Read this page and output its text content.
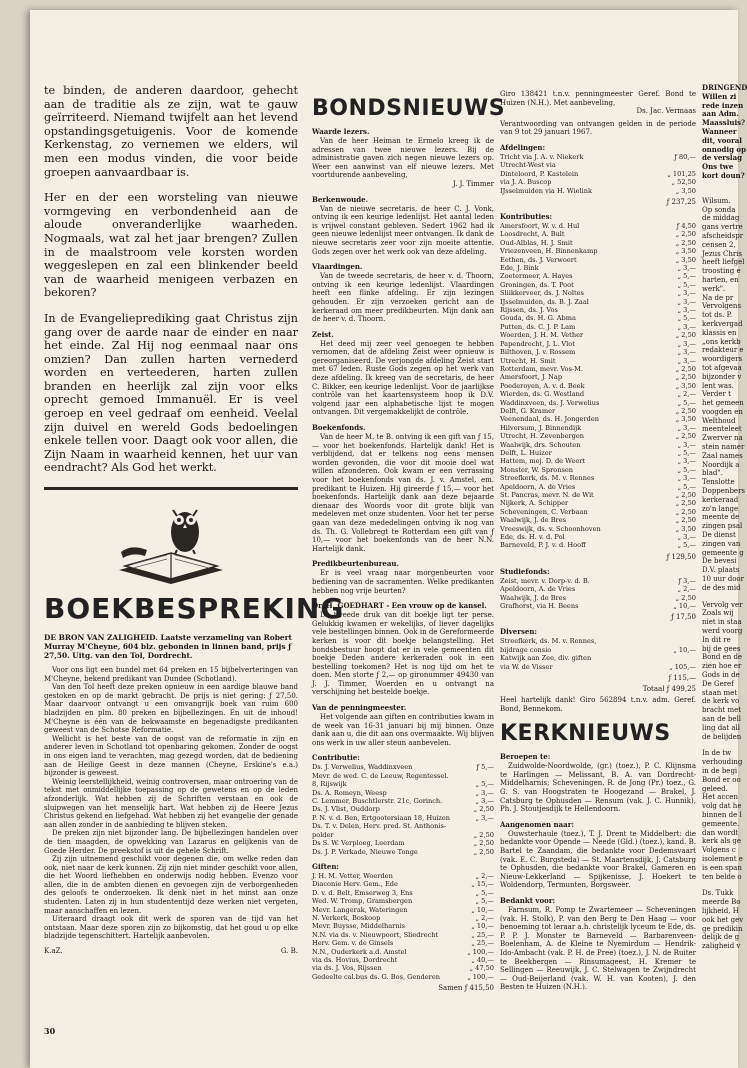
te binden, de anderen daardoor, gehecht aan de traditie als ze zijn, wat te gauw geïrriteerd. Niemand twijfelt aan het levend opstandingsgetuigenis. Voor de komende Kerkenstag, zo vernemen we elders, wil men een modus vinden, die voor beide groepen aanvaardbaar is.

Her en der een worsteling van nieuwe vormgeving en verbondenheid aan de aloude onveranderlijke waarheden. Nogmaals, wat zal het jaar brengen? Zullen in de maalstroom vele korsten worden weggeslepen en zal een blinkender beeld van de waarheid menigeen verbazen en bekoren?

In de Evangelieprediking gaat Christus zijn gang over de aarde naar de einder en naar het einde. Zal Hij nog eenmaal naar ons omzien? Dan zullen harten vernederd worden en verteederen, harten zullen branden en heerlijk zal zijn voor elks oprecht gemoed Immanuël. Er is veel geroep en veel gedraaf om eenheid. Veelal zijn duivel en wereld Gods bedoelingen enkele tellen voor. Daagt ook voor allen, die Zijn Naam in waarheid kennen, het uur van eendracht? Als God het werkt.

BOEKBESPREKING

DE BRON VAN ZALIGHEID. Laatste verzameling van Robert Murray M'Cheyne, 604 blz. gebonden in linnen band, prijs ƒ 27,50. Uitg. van den Tol, Dordrecht.

Voor ons ligt een bundel met 64 preken en 15 bijbelverteringen van M'Cheyne, bekend predikant van Dundee (Schotland).

Van den Tol heeft deze preken opnieuw in een aardige blauwe band gestoken en op de markt gebracht. De prijs is niet gering: ƒ 27,50. Maar daarvoor ontvangt u een omvangrijk boek van ruim 600 bladzijden en plm. 80 preken en bijbellezingen. En uit de inhoud! M'Cheyne is één van de bekwaamste en begenadigste predikanten geweest van de Schotse Reformatie.

Wellicht is het beste van de oogst van de reformatie in zijn en anderer leven in Schotland tot openbaring gekomen. Zonder de oogst in ons eigen land te verachten, mag gezegd worden, dat de bediening aan de Heilige Geest in deze mannen (Cheyne, Erskine's e.a.) bijzonder is geweest.

Weinig leerstellijkheid, weinig controversen, maar ontroering van de tekst met onmiddellijke toepassing op de gewetens en op de leden afzonderlijk. Wat hebben zij de Schriften verstaan en ook de sluipwegen van het menselijk hart. Wat hebben zij de Heere Jezus Christus gekend en liefgehad. Wat hebben zij het evangelie der genade aan allen zonder in de aanbieding te blijven steken.

De preken zijn niet bijzonder lang. De bijbellezingen handelen over de tien maagden, de opwekking van Lazarus en gelijkenis van de Goede Herder. De preekstof is uit de gehele Schrift.

Zij zijn uitnemend geschikt voor degenen die, om welke reden dan ook, niet naar de kerk kunnen. Zij zijn niet minder geschikt voor allen, die het Woord liefhebben en onderwijs nodig hebben. Evenzo voor allen, die in de ambten dienen en gevoegen zijn de verborgenheden des geloofs te onderzoeken. Ik denk niet in het minst aan onze studenten. Laten zij in hun studententijd deze werken niet vergeten, maar aanschaffen en lezen.

Uiteraard draagt ook dit werk de sporen van de tijd van het ontstaan. Maar deze sporen zijn zo bijkomstig, dat het goud u op elke bladzijde tegenschittert. Hartelijk aanbevolen.

K.aZ.	G. B.
BONDSNIEUWS
Waarde lezers.

Van de heer Heiman te Ermelo kreeg ik de adressen van twee nieuwe lezers. Bij de administratie gaven zich negen nieuwe lezers op. Weer een aanwinst van elf nieuwe lezers. Met voortdurende aanbeveling,

J. J. Timmer

Berkenwoude.

Van de nieuwe secretaris, de heer C. J. Vonk, ontving ik een keurige ledenlijst. Het aantal leden is vrijwel constant gebleven. Sedert 1962 had ik geen nieuwe ledenlijst meer ontvangen. Ik dank de nieuwe secretaris zeer voor zijn moeite attentie. Gods zegen over het werk ook van deze afdeling.

Vlaardingen.

Van de tweede secretaris, de heer v. d. Thoorn, ontving ik een keurige ledenlijst. Vlaardingen heeft een flinke afdeling. Er zijn lezingen gehouden. Er zijn verzoeken gericht aan de kerkeraad om meer predikbeurten. Mijn dank aan de heer v. d. Thoorn.

Zeist.

Het deed mij zeer veel genoegen te hebben vernomen, dat de afdeling Zeist weer opnieuw is gereorganiseerd. De verjongde afdeling Zeist start met 67 leden. Ruste Gods zegen op het werk van deze afdeling. Ik kreeg van de secretaris, de heer C. Bikker, een keurige ledenlijst. Voor de jaarlijkse contrôle van het kaartensysteem hoop ik D.V. volgend jaar een alphabetische lijst te mogen ontvangen. Dit vergemakkelijkt de contrôle.

Boekenfonds.

Van de heer M. te B. ontving ik een gift van ƒ 15,— voor het boekenfonds. Hartelijk dank! Het is verblijdend, dat er telkens nog eens mensen worden gevonden, die voor dit mooie doel wat willen afzonderen. Ook kwam er een verrassing voor het boekenfonds van ds. J. v. Amstel, em. predikant te Huizen. Hij gireerde ƒ 15,— voor het boekenfonds. Hartelijk dank aan deze bejaarde dienaar des Woords voor dit grote blijk van medeleven met onze studenten. Voor het ter perse gaan van deze mededelingen ontving ik nog van ds. Th. G. Vollebregt te Rotterdam een gift van ƒ 10,— voor het boekenfonds van de heer N.N. Hartelijk dank.

Predikbeurtenbureau.

Er is veel vraag naar morgenbeurten voor bediening van de sacramenten. Welke predikanten hebben nog vrije beurten?

Dr. H. GOEDHART - Een vrouw op de kansel.

De tweede druk van dit boekje ligt ter perse. Gelukkig kwamen er wekelijks, of liever dagelijks vele bestellingen binnen. Ook in de Gereformeerde kerken is voor dit boekje belangstelling. Het bondsbestuur hoopt dat er in vele gemeenten dit boekje Deden andere kerkeraden ook in een bestelling toekomen? Het is nog tijd om het te doen. Men storte ƒ 2,— op gironummer 49430 van J. J. Timmer, Woerden en u ontvangt na verschijning het bestelde boekje.

Van de penningmeester.

Het volgende aan giften en contributies kwam in de week van 16-31 januari bij mij binnen. Onze dank aan u, die dit aan ons overmaakte. Wij blijven ons werk in uw aller steun aanbevelen.

Contributie:
Ds. J. Verwelius, Waddinxveen	ƒ 5,—
Mevr. de wed. C. de Leeuw, Regentessel.
8, Rijswijk	„ 5,—
Ds. A. Romeyn, Weesp	„ 3,—
C. Lemmer, Buschtlerstr. 21c, Gorinch.	„ 3,—
Ds. J. Vlist, Ouddorp	„ 2,50
P. N. v. d. Ben, Ertgootersiaan 18, Huizen	„ 3,—
Ds. T. v. Delen, Herv. pred. St. Anthonis-
polder	„ 2,50
Ds S. W. Verploeg, Leerdam	„ 2,50
Ds. J. P. Verkade, Nieuwe Tonge	„ 2,50
Giften:
J. H. M. Vetter, Woerden	„ 2,—
Diaconie Herv. Gem., Ede	„ 15,—
D. v. d. Belt, Emserweg 3, Ens	„ 5,—
Wed. W. Tromp, Gramsbergen	„ 5,—
Mevr. Langerak, Wateringen	„ 10,—
N. Verkerk, Boskoop	„ 2,—
Mevr. Buysse, Middelharnis	„ 10,—
N.N. via ds. v. Nieuwpoort, Sliedrecht	„ 25,—
Herv. Gem. v. de Ginsels	„ 25,—
N.N., Ouderkerk a.d. Amstel	„ 100,—
via ds. Hovius, Dordrecht	„ 40,—
via ds. J. Vos, Rijssen	„ 47,50
Gedeelte cal.bus ds. G. Bos, Genderen	„ 100,—
Samen ƒ 415,50

Giro 138421 t.n.v. penningmeester Geref. Bond te Huizen (N.H.). Met aanbeveling,

Ds. Jac. Vermaas

Verantwoording van ontvangen gelden in de periode van 9 tot 29 januari 1967.

Afdelingen:
Tricht via J. A. v. Niekerk	ƒ 80,—
Utrecht-West via
Dinteloord, P. Kastelein	„ 101,25
via J. A. Buscop	„ 52,50
IJsselmuiden via H. Wielink	„ 3,50
ƒ 237,25
Kontributies:
Amersfoort, W. v. d. Hul	ƒ 4,50
Loosdrecht, A. Bult	„ 2,50
Oud-Alblas, H. J. Smit	„ 2,50
Vriezenveen, H. Binnenkamp	„ 3,50
Eethen, ds. J. Verwoert	„ 3,50
Ede, J. Bink	„ 3,—
Zoetermeer, A. Hayes	„ 5,—
Groningen, ds. T. Poot	„ 5,—
Sliikkerveer, ds. J. Noltes	„ 3,—
IJsselmuiden, ds. B. J. Zaal	„ 3,—
Rijssen, ds. J. Vos	„ 3,—
Gouda, ds. H. G. Abma	„ 5,—
Putten, ds. C. J. P. Lam	„ 3,—
Woerden, J. H. M. Vether	„ 2,50
Papendrecht, J. L. Vlot	„ 3,—
Bilthoven, J. v. Rossem	„ 3,—
Utrecht, H. Smit	„ 3,—
Rotterdam, mevr. Vos-M.	„ 2,50
Amersfoort, J. Nap	„ 2,50
Poederoyen, A. v. d. Beek	„ 3,50
Wierden, ds. G. Westland	„ 2,—
Waddinxveen, ds. J. Verwelius	„ 5,—
Delft, G. Kramer	„ 2,50
Veenendaal, ds. H. Jongerden	„ 3,50
Hilversum, J. Binnendijk	„ 3,—
Utrecht, H. Zevenbergen	„ 2,50
Waalwijk, drs. Schouten	„ 3,—
Delft, L. Huizer	„ 5,—
Hattem, mej. D. de Weert	„ 3,—
Monster, W. Spronsen	„ 5,—
Streefkerk, ds. M. v. Rennes	„ 3,—
Apeldoorn, A. de Vries	„ 5,—
St. Pancras, mevr. N. de Wit	„ 2,50
Nijkerk, A. Schipper	„ 2,50
Scheveningen, C. Verbaan	„ 2,50
Waalwijk, J. de Bres	„ 2,50
Vreeswijk, ds. v. Schoonhoven	„ 3,50
Ede, ds. H. v. d. Pol	„ 3,—
Barneveld, P. J. v. d. Hooff	„ 5,—
ƒ 129,50
Studiefonds:
Zeist, mevr. v. Dorp-v. d. B.	ƒ 3,—
Apeldoorn, A. de Vries	„ 2,—
Waalwijk, J. de Bres	„ 2,50
Grafhorst, via H. Beens	„ 10,—
ƒ 17,50
Diversen:
Streefkerk, ds. M. v. Rennes,
bijdrage consio	„ 10,—
Katwijk aan Zee, div. giften
via W. de Visser	„ 105,—
ƒ 115,—
Totaal ƒ 499,25

Heel hartelijk dank! Giro 562894 t.n.v. adm. Geref. Bond, Bennekom.

KERKNIEUWS
Beroepen te:

Zuidwolde-Noordwolde, (gr.) (toez.), P. C. Klijnsma te Harlingen — Melissant, B. A. van Dordrecht-Middelharnis; Scheveningen, R. de Jong (Pr.) toez., G. G. S. van Hoogstraten te Hoogezand — Brakel, J. Catsburg te Ophusden — Rensum (vak. J. C. Hunnik), Ph. J. Stoutjesdijk te Hellendoorn.

Aangenomen naar:

Ouwsterhaule (toez.), T. J. Drent te Middelbert: die bedankte voor Opende — Neede (Gld.) (toez.), kand. B. Bartel te Zaandam, die bedankte voor Dedemsvaart (vak. E. C. Burgsteda) — St. Maartensdijk, J. Catsburg te Ophusden, die bedankte voor Brakel, Gameren en Nieuw-Lekkerland — Spijkenisse, J. Hoekert te Woldendorp, Termunten, Borgsweer.

Bedankt voor:

Farnsum, R. Pomp te Zwartemeer — Scheveningen (vak. H. Stolk), P. van den Berg te Den Haag — voor benoeming tot leraar a.h. christelijk lyceum te Ede, ds. P. P. J. Monster te Barneveld — Barbarenveen-Boelenham, A. de Kleine te Nyemirdum — Hendrik-Ido-Ambacht (vak. P. H. de Pree) (toez.), J. N. de Ruiter te Beekbergen — Rinsumageest, H. Kremer te Sellingen — Reeuwijk, J. C. Stelwagen te Zwijndrecht — Oud-Beijerland (vak. W. H. van Kooten), J. den Besten te Huizen (N.H.).

DRINGEND
Willen zi
rede inzen
aan Adm.
Maassluis?
Wanneer
dit, vooral
onnodig op
de verslag
Ons twe
kort doun?
Wilsum.
Op sonda
de middag
gans vertre
afscheidspr
censen 2,
Jezus Chris
heeft liefgel
troosting e
harten, en
werk".
Na de pr
Vervolgens
tot ds. P.
kerkvergad
klassis en
„ons kerkb
redakteur e
woordigers
tot afgevaa
bijzonder v
lent was.
Verder t
het gemeen
voogden en
Welthoud
meenteleet
Zwerver na
stein namer
Zaal names
Noordijk a
blad".
Tenslotte
Doppenbers
kerkeraad
zo'n lange
meente de
zingen psal
De dienst
zingen van
gemeente g
De bevesi
D.V. plaats
10 uur door
de des mid
Vervolg ver
Zoals wij
niet in staa
werd voorg
In dit re
bij de gees
Bond en de
zien hoe er
Gods in de
De Geref
staan met
de kerk vo
bracht met
aan de bell
ling dat all
de belijden
In de tw
verhouding
in de begi
Bond er oo
geleed.
Het accen
volg dat he
binnen de l
gemeente.
dan wordt
kerk als ge
Volgens c
isolement e
is een span
ten belde o
Ds. Tukk
meerde Bo
lijkheid, H
ook het gev
ge predikin
delijk de g
zaligheid v
30
